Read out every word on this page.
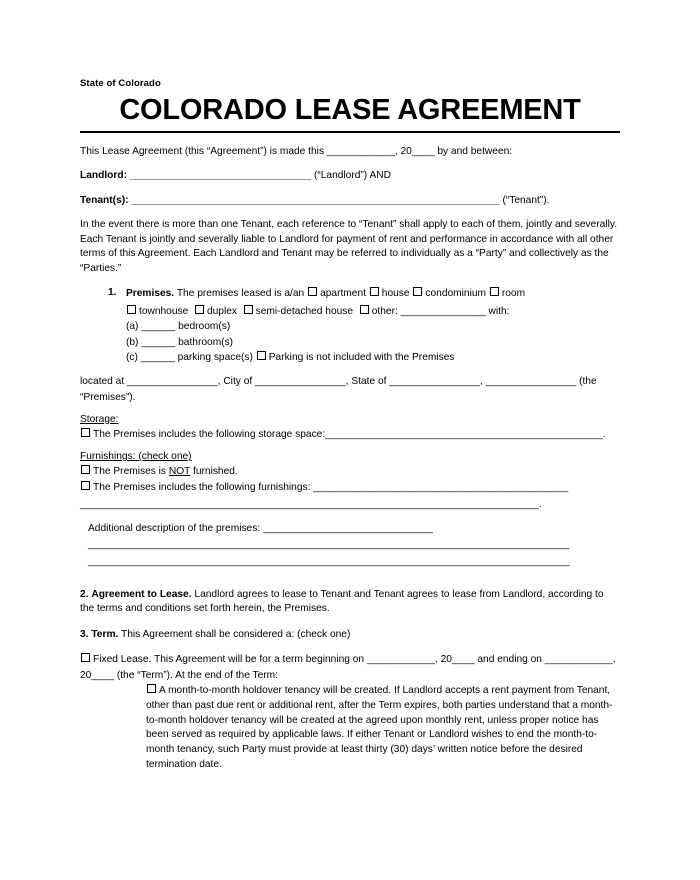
State of Colorado
COLORADO LEASE AGREEMENT

This Lease Agreement (this “Agreement”) is made this ____________, 20____ by and between:

Landlord: ________________________________ (“Landlord”) AND

Tenant(s): _________________________________________________________________ (“Tenant”).

In the event there is more than one Tenant, each reference to “Tenant” shall apply to each of them, jointly and severally. Each Tenant is jointly and severally liable to Landlord for payment of rent and performance in accordance with all other terms of this Agreement. Each Landlord and Tenant may be referred to individually as a “Party” and collectively as the “Parties.”

1. Premises. The premises leased is a/an apartment house condominium room
townhouse duplex semi-detached house other: _______________ with:
(a) ______ bedroom(s)
(b) ______ bathroom(s)
(c) ______ parking space(s) Parking is not included with the Premises

located at ________________, City of ________________, State of ________________, ________________ (the “Premises”).

Storage:
The Premises includes the following storage space:_________________________________________________.
Furnishings: (check one)
The Premises is NOT furnished.
The Premises includes the following furnishings: _____________________________________________
_________________________________________________________________________________.
Additional description of the premises: ______________________________
_____________________________________________________________________________________
_____________________________________________________________________________________

2. Agreement to Lease. Landlord agrees to lease to Tenant and Tenant agrees to lease from Landlord, according to the terms and conditions set forth herein, the Premises.

3. Term. This Agreement shall be considered a: (check one)

Fixed Lease. This Agreement will be for a term beginning on ____________, 20____ and ending on ____________, 20____ (the “Term”). At the end of the Term:
A month-to-month holdover tenancy will be created. If Landlord accepts a rent payment from Tenant, other than past due rent or additional rent, after the Term expires, both parties understand that a month-to-month holdover tenancy will be created at the agreed upon monthly rent, unless proper notice has been served as required by applicable laws. If either Tenant or Landlord wishes to end the month-to-month tenancy, such Party must provide at least thirty (30) days’ written notice before the desired termination date.
